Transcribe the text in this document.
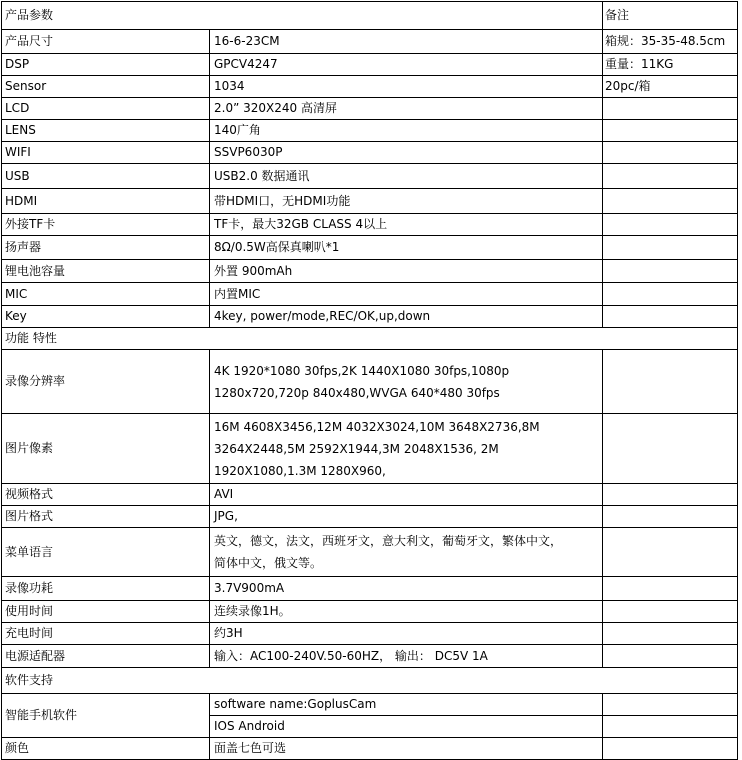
产品参数		备注
产品尺寸	16-6-23CM	箱规：35-35-48.5cm
DSP	GPCV4247	重量：11KG
Sensor	1034	20pc/箱
LCD	2.0” 320X240 高清屏	
LENS	140广角	
WIFI	SSVP6030P	
USB	USB2.0 数据通讯	
HDMI	带HDMI口，无HDMI功能	
外接TF卡	TF卡，最大32GB CLASS 4以上	
扬声器	8Ω/0.5W高保真喇叭*1	
锂电池容量	外置 900mAh	
MIC	内置MIC	
Key	4key, power/mode,REC/OK,up,down	
功能 特性		
录像分辨率	4K 1920*1080 30fps,2K 1440X1080 30fps,1080p
1280x720,720p 840x480,WVGA 640*480 30fps	

图片像素	16M 4608X3456,12M 4032X3024,10M 3648X2736,8M
3264X2448,5M 2592X1944,3M 2048X1536, 2M
1920X1080,1.3M 1280X960,	

视频格式	AVI	
图片格式	JPG,	
菜单语言	英文，德文，法文，西班牙文，意大利文，葡萄牙文，繁体中文，
简体中文，俄文等。	

录像功耗	3.7V900mA	
使用时间	连续录像1H。	
充电时间	约3H	
电源适配器	输入：AC100-240V.50-60HZ， 输出： DC5V 1A	
软件支持		
智能手机软件	software name:GoplusCam	
	IOS Android	
颜色	面盖七色可选	
